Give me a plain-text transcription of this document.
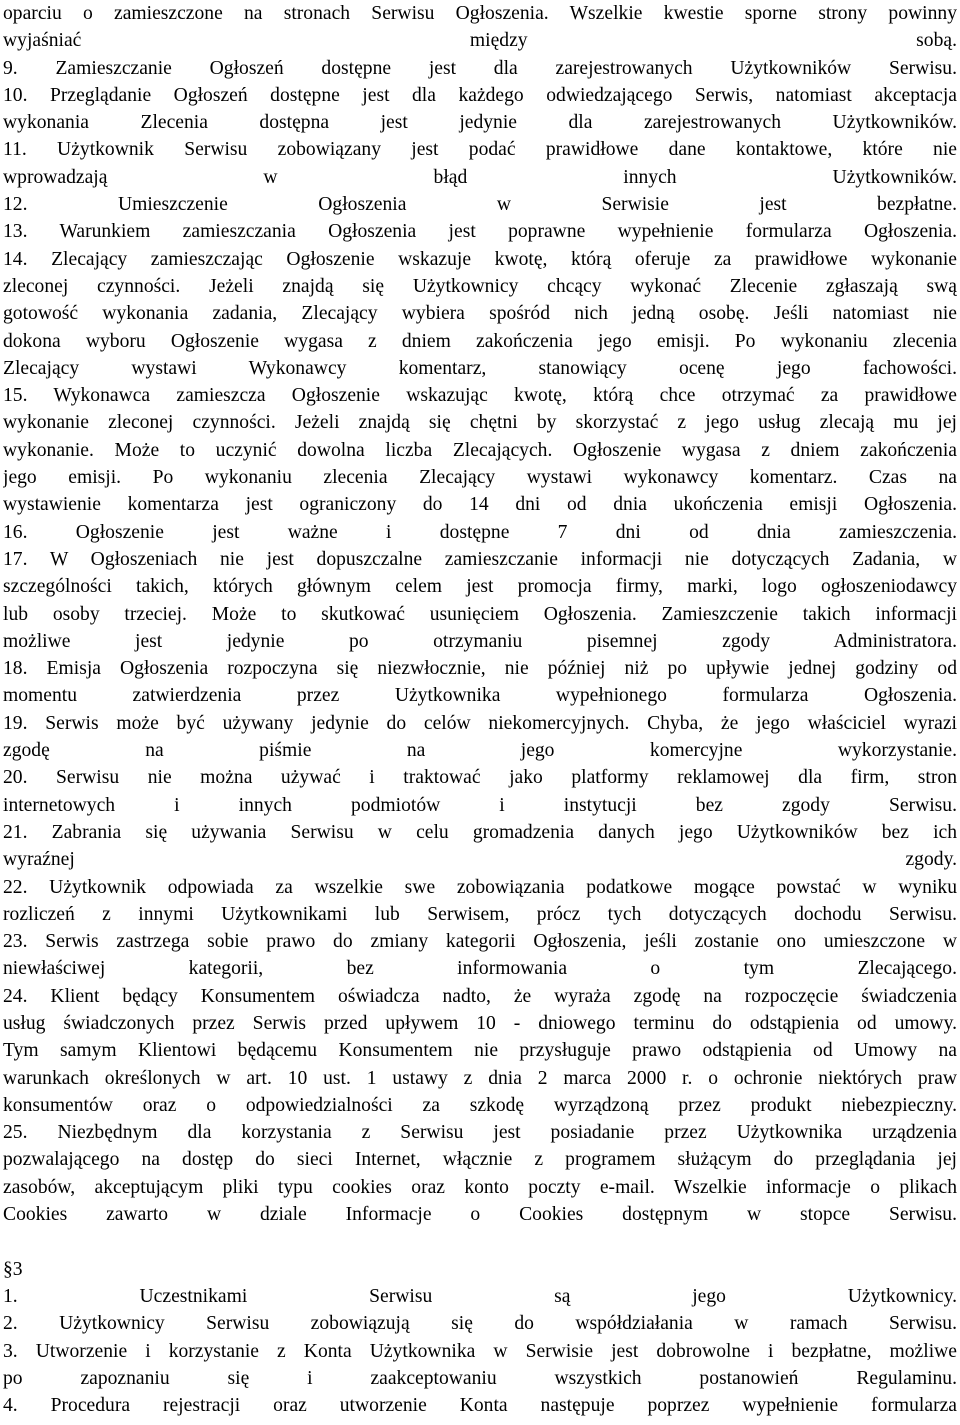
oparciu o zamieszczone na stronach Serwisu Ogłoszenia. Wszelkie kwestie sporne strony powinny
wyjaśniać między sobą.
9. Zamieszczanie Ogłoszeń dostępne jest dla zarejestrowanych Użytkowników Serwisu.
10. Przeglądanie Ogłoszeń dostępne jest dla każdego odwiedzającego Serwis, natomiast akceptacja
wykonania Zlecenia dostępna jest jedynie dla zarejestrowanych Użytkowników.
11. Użytkownik Serwisu zobowiązany jest podać prawidłowe dane kontaktowe, które nie
wprowadzają w błąd innych Użytkowników.
12. Umieszczenie Ogłoszenia w Serwisie jest bezpłatne.
13. Warunkiem zamieszczania Ogłoszenia jest poprawne wypełnienie formularza Ogłoszenia.
14. Zlecający zamieszczając Ogłoszenie wskazuje kwotę, którą oferuje za prawidłowe wykonanie
zleconej czynności. Jeżeli znajdą się Użytkownicy chcący wykonać Zlecenie zgłaszają swą
gotowość wykonania zadania, Zlecający wybiera spośród nich jedną osobę. Jeśli natomiast nie
dokona wyboru Ogłoszenie wygasa z dniem zakończenia jego emisji. Po wykonaniu zlecenia
Zlecający wystawi Wykonawcy komentarz, stanowiący ocenę jego fachowości.
15. Wykonawca zamieszcza Ogłoszenie wskazując kwotę, którą chce otrzymać za prawidłowe
wykonanie zleconej czynności. Jeżeli znajdą się chętni by skorzystać z jego usług zlecają mu jej
wykonanie. Może to uczynić dowolna liczba Zlecających. Ogłoszenie wygasa z dniem zakończenia
jego emisji. Po wykonaniu zlecenia Zlecający wystawi wykonawcy komentarz. Czas na
wystawienie komentarza jest ograniczony do 14 dni od dnia ukończenia emisji Ogłoszenia.
16. Ogłoszenie jest ważne i dostępne 7 dni od dnia zamieszczenia.
17. W Ogłoszeniach nie jest dopuszczalne zamieszczanie informacji nie dotyczących Zadania, w
szczególności takich, których głównym celem jest promocja firmy, marki, logo ogłoszeniodawcy
lub osoby trzeciej. Może to skutkować usunięciem Ogłoszenia. Zamieszczenie takich informacji
możliwe jest jedynie po otrzymaniu pisemnej zgody Administratora.
18. Emisja Ogłoszenia rozpoczyna się niezwłocznie, nie później niż po upływie jednej godziny od
momentu zatwierdzenia przez Użytkownika wypełnionego formularza Ogłoszenia.
19. Serwis może być używany jedynie do celów niekomercyjnych. Chyba, że jego właściciel wyrazi
zgodę na piśmie na jego komercyjne wykorzystanie.
20. Serwisu nie można używać i traktować jako platformy reklamowej dla firm, stron
internetowych i innych podmiotów i instytucji bez zgody Serwisu.
21. Zabrania się używania Serwisu w celu gromadzenia danych jego Użytkowników bez ich
wyraźnej zgody.
22. Użytkownik odpowiada za wszelkie swe zobowiązania podatkowe mogące powstać w wyniku
rozliczeń z innymi Użytkownikami lub Serwisem, prócz tych dotyczących dochodu Serwisu.
23. Serwis zastrzega sobie prawo do zmiany kategorii Ogłoszenia, jeśli zostanie ono umieszczone w
niewłaściwej kategorii, bez informowania o tym Zlecającego.
24. Klient będący Konsumentem oświadcza nadto, że wyraża zgodę na rozpoczęcie świadczenia
usług świadczonych przez Serwis przed upływem 10 - dniowego terminu do odstąpienia od umowy.
Tym samym Klientowi będącemu Konsumentem nie przysługuje prawo odstąpienia od Umowy na
warunkach określonych w art. 10 ust. 1 ustawy z dnia 2 marca 2000 r. o ochronie niektórych praw
konsumentów oraz o odpowiedzialności za szkodę wyrządzoną przez produkt niebezpieczny.
25. Niezbędnym dla korzystania z Serwisu jest posiadanie przez Użytkownika urządzenia
pozwalającego na dostęp do sieci Internet, włącznie z programem służącym do przeglądania jej
zasobów, akceptującym pliki typu cookies oraz konto poczty e-mail. Wszelkie informacje o plikach
Cookies zawarto w dziale Informacje o Cookies dostępnym w stopce Serwisu.
§3
1. Uczestnikami Serwisu są jego Użytkownicy.
2. Użytkownicy Serwisu zobowiązują się do współdziałania w ramach Serwisu.
3. Utworzenie i korzystanie z Konta Użytkownika w Serwisie jest dobrowolne i bezpłatne, możliwe
po zapoznaniu się i zaakceptowaniu wszystkich postanowień Regulaminu.
4. Procedura rejestracji oraz utworzenie Konta następuje poprzez wypełnienie formularza
